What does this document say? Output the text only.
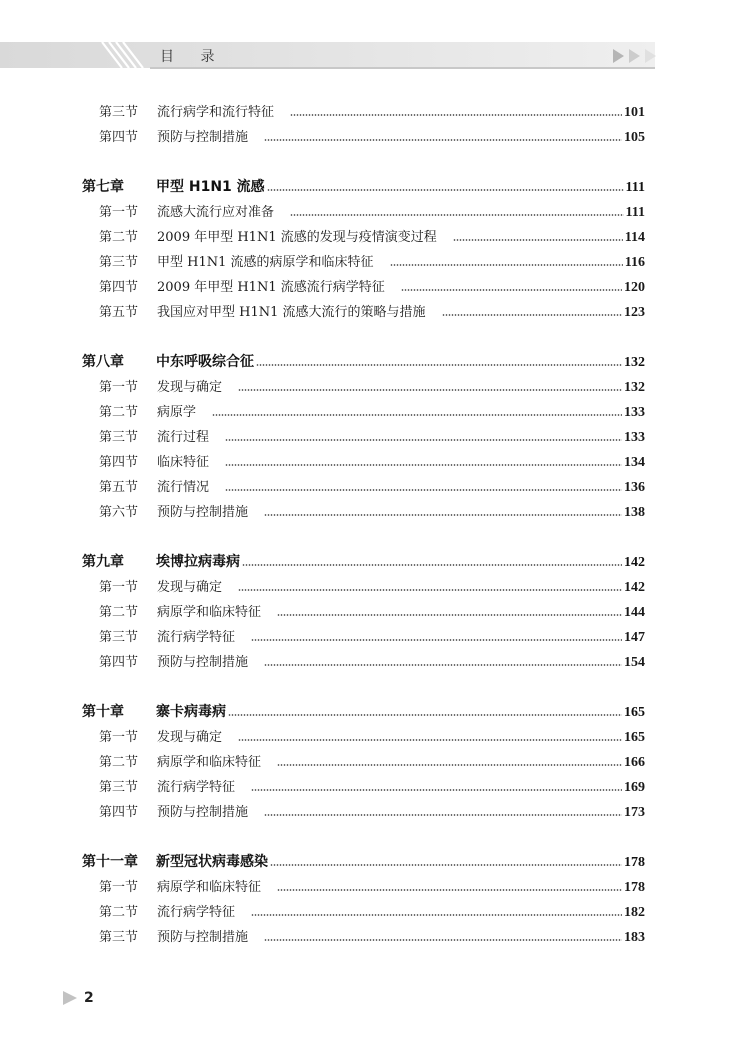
目 录
第三节	流行病学和流行特征	101
第四节	预防与控制措施	105
第七章	甲型 H1N1 流感	111
第一节	流感大流行应对准备	111
第二节	2009 年甲型 H1N1 流感的发现与疫情演变过程	114
第三节	甲型 H1N1 流感的病原学和临床特征	116
第四节	2009 年甲型 H1N1 流感流行病学特征	120
第五节	我国应对甲型 H1N1 流感大流行的策略与措施	123
第八章	中东呼吸综合征	132
第一节	发现与确定	132
第二节	病原学	133
第三节	流行过程	133
第四节	临床特征	134
第五节	流行情况	136
第六节	预防与控制措施	138
第九章	埃博拉病毒病	142
第一节	发现与确定	142
第二节	病原学和临床特征	144
第三节	流行病学特征	147
第四节	预防与控制措施	154
第十章	寨卡病毒病	165
第一节	发现与确定	165
第二节	病原学和临床特征	166
第三节	流行病学特征	169
第四节	预防与控制措施	173
第十一章	新型冠状病毒感染	178
第一节	病原学和临床特征	178
第二节	流行病学特征	182
第三节	预防与控制措施	183
2
